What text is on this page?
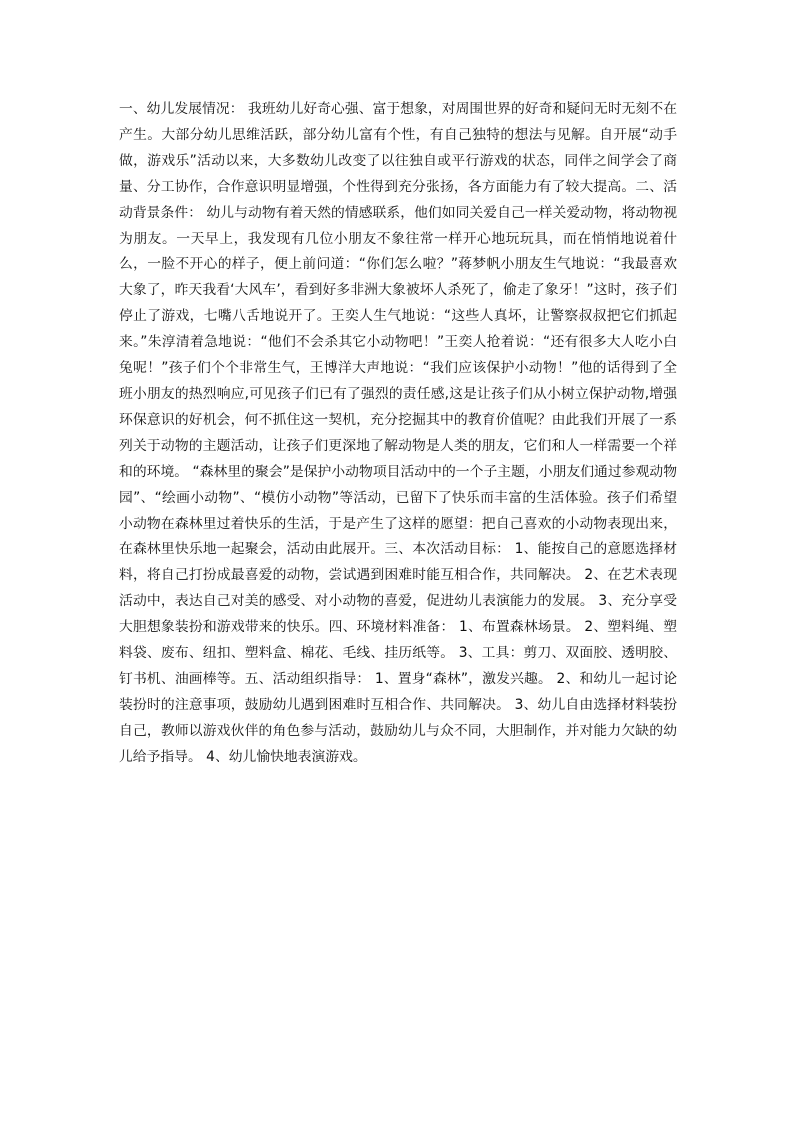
一、幼儿发展情况： 我班幼儿好奇心强、富于想象，对周围世界的好奇和疑问无时无刻不在产生。大部分幼儿思维活跃，部分幼儿富有个性，有自己独特的想法与见解。自开展“动手做，游戏乐”活动以来，大多数幼儿改变了以往独自或平行游戏的状态，同伴之间学会了商量、分工协作，合作意识明显增强，个性得到充分张扬，各方面能力有了较大提高。二、活动背景条件： 幼儿与动物有着天然的情感联系，他们如同关爱自己一样关爱动物，将动物视为朋友。一天早上，我发现有几位小朋友不象往常一样开心地玩玩具，而在悄悄地说着什么，一脸不开心的样子，便上前问道：“你们怎么啦？”蒋梦帆小朋友生气地说：“我最喜欢大象了，昨天我看‘大风车’，看到好多非洲大象被坏人杀死了，偷走了象牙！”这时，孩子们停止了游戏，七嘴八舌地说开了。王奕人生气地说：“这些人真坏，让警察叔叔把它们抓起来。”朱淳清着急地说：“他们不会杀其它小动物吧！”王奕人抢着说：“还有很多大人吃小白兔呢！”孩子们个个非常生气，王博洋大声地说：“我们应该保护小动物！”他的话得到了全班小朋友的热烈响应,可见孩子们已有了强烈的责任感,这是让孩子们从小树立保护动物,增强环保意识的好机会，何不抓住这一契机，充分挖掘其中的教育价值呢？由此我们开展了一系列关于动物的主题活动，让孩子们更深地了解动物是人类的朋友，它们和人一样需要一个祥和的环境。 “森林里的聚会”是保护小动物项目活动中的一个子主题，小朋友们通过参观动物园”、“绘画小动物”、“模仿小动物”等活动，已留下了快乐而丰富的生活体验。孩子们希望小动物在森林里过着快乐的生活，于是产生了这样的愿望：把自己喜欢的小动物表现出来，在森林里快乐地一起聚会，活动由此展开。三、本次活动目标： 1、能按自己的意愿选择材料，将自己打扮成最喜爱的动物，尝试遇到困难时能互相合作，共同解决。 2、在艺术表现活动中，表达自己对美的感受、对小动物的喜爱，促进幼儿表演能力的发展。 3、充分享受大胆想象装扮和游戏带来的快乐。四、环境材料准备： 1、布置森林场景。 2、塑料绳、塑料袋、废布、纽扣、塑料盒、棉花、毛线、挂历纸等。 3、工具：剪刀、双面胶、透明胶、钉书机、油画棒等。五、活动组织指导： 1、置身“森林”，激发兴趣。 2、和幼儿一起讨论装扮时的注意事项，鼓励幼儿遇到困难时互相合作、共同解决。 3、幼儿自由选择材料装扮自己，教师以游戏伙伴的角色参与活动，鼓励幼儿与众不同，大胆制作，并对能力欠缺的幼儿给予指导。 4、幼儿愉快地表演游戏。
